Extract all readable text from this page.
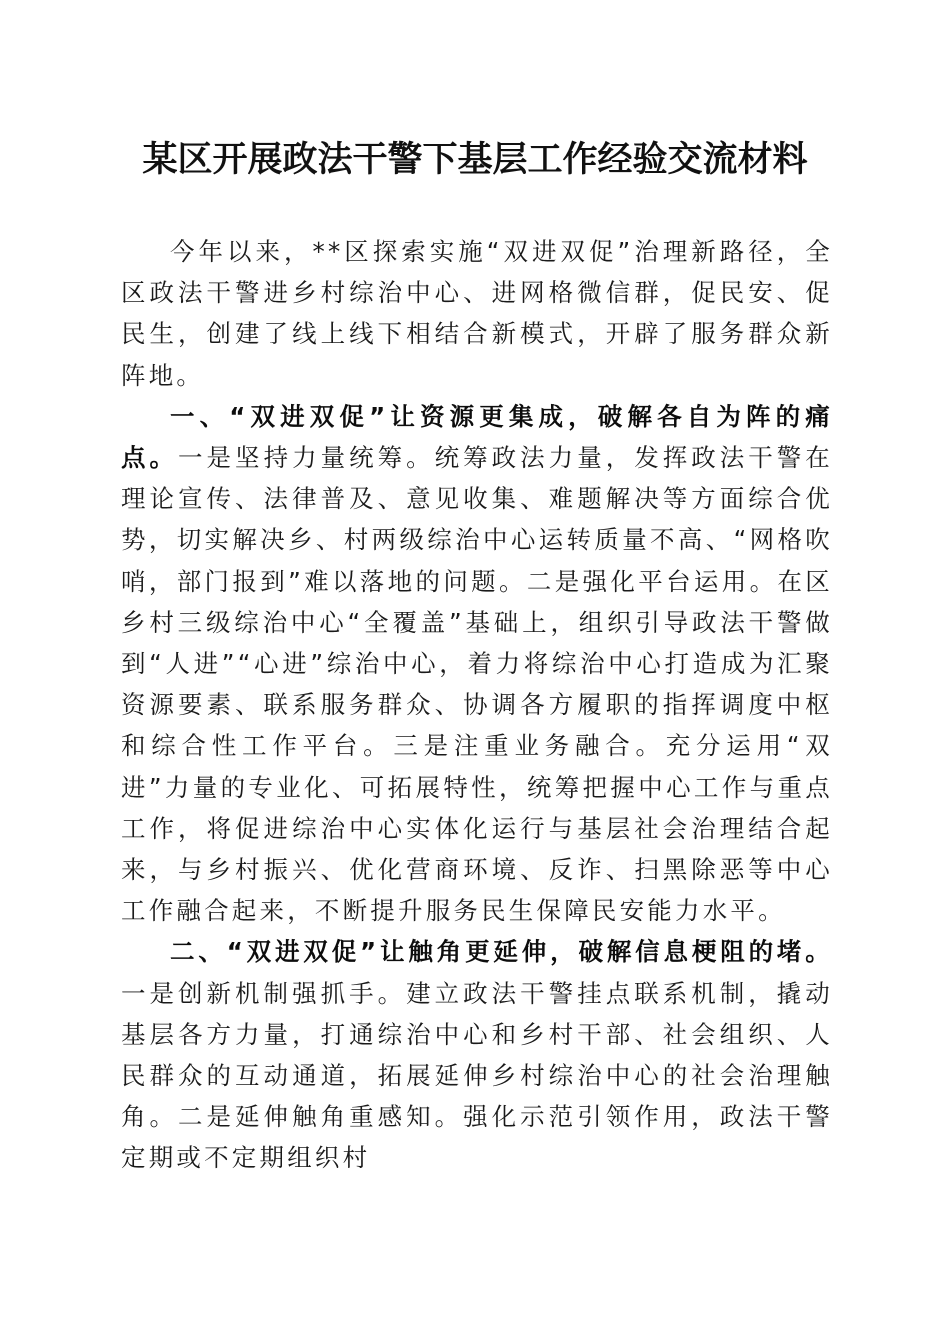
某区开展政法干警下基层工作经验交流材料

今年以来，**区探索实施“双进双促”治理新路径，全区政法干警进乡村综治中心、进网格微信群，促民安、促民生，创建了线上线下相结合新模式，开辟了服务群众新阵地。

一、“双进双促”让资源更集成，破解各自为阵的痛点。一是坚持力量统筹。统筹政法力量，发挥政法干警在理论宣传、法律普及、意见收集、难题解决等方面综合优势，切实解决乡、村两级综治中心运转质量不高、“网格吹哨，部门报到”难以落地的问题。二是强化平台运用。在区乡村三级综治中心“全覆盖”基础上，组织引导政法干警做到“人进”“心进”综治中心，着力将综治中心打造成为汇聚资源要素、联系服务群众、协调各方履职的指挥调度中枢和综合性工作平台。三是注重业务融合。充分运用“双进”力量的专业化、可拓展特性，统筹把握中心工作与重点工作，将促进综治中心实体化运行与基层社会治理结合起来，与乡村振兴、优化营商环境、反诈、扫黑除恶等中心工作融合起来，不断提升服务民生保障民安能力水平。

二、“双进双促”让触角更延伸，破解信息梗阻的堵。一是创新机制强抓手。建立政法干警挂点联系机制，撬动基层各方力量，打通综治中心和乡村干部、社会组织、人民群众的互动通道，拓展延伸乡村综治中心的社会治理触角。二是延伸触角重感知。强化示范引领作用，政法干警定期或不定期组织村
